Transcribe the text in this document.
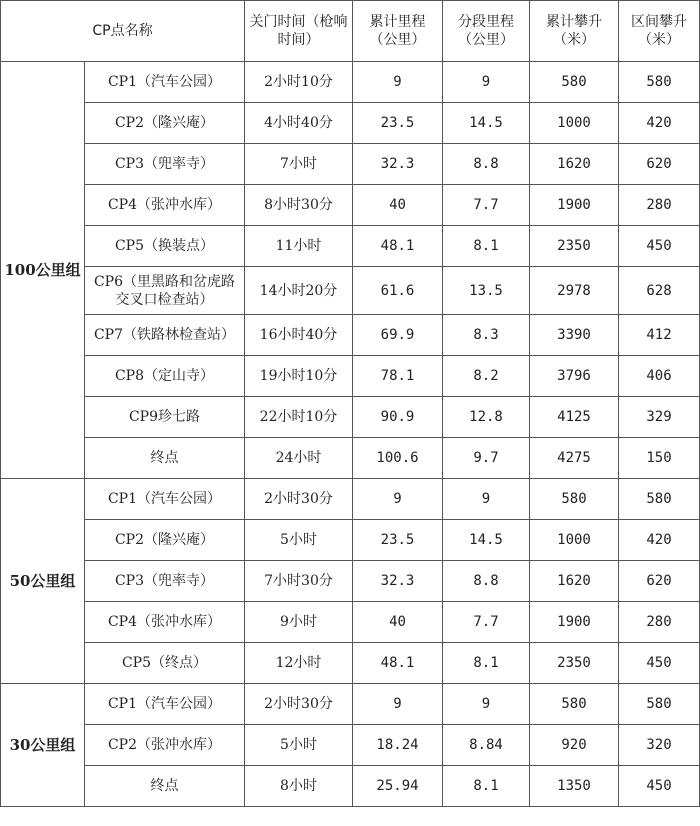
CP点名称		关门时间（枪响时间）	累计里程（公里）	分段里程（公里）	累计攀升（米）	区间攀升（米）
100公里组	CP1（汽车公园）	2小时10分	9	9	580	580
	CP2（隆兴庵）	4小时40分	23.5	14.5	1000	420
	CP3（兜率寺）	7小时	32.3	8.8	1620	620
	CP4（张冲水库）	8小时30分	40	7.7	1900	280
	CP5（换装点）	11小时	48.1	8.1	2350	450
	CP6（里黑路和岔虎路交叉口检查站）	14小时20分	61.6	13.5	2978	628
	CP7（铁路林检查站）	16小时40分	69.9	8.3	3390	412
	CP8（定山寺）	19小时10分	78.1	8.2	3796	406
	CP9珍七路	22小时10分	90.9	12.8	4125	329
	终点	24小时	100.6	9.7	4275	150
50公里组	CP1（汽车公园）	2小时30分	9	9	580	580
	CP2（隆兴庵）	5小时	23.5	14.5	1000	420
	CP3（兜率寺）	7小时30分	32.3	8.8	1620	620
	CP4（张冲水库）	9小时	40	7.7	1900	280
	CP5（终点）	12小时	48.1	8.1	2350	450
30公里组	CP1（汽车公园）	2小时30分	9	9	580	580
	CP2（张冲水库）	5小时	18.24	8.84	920	320
	终点	8小时	25.94	8.1	1350	450
